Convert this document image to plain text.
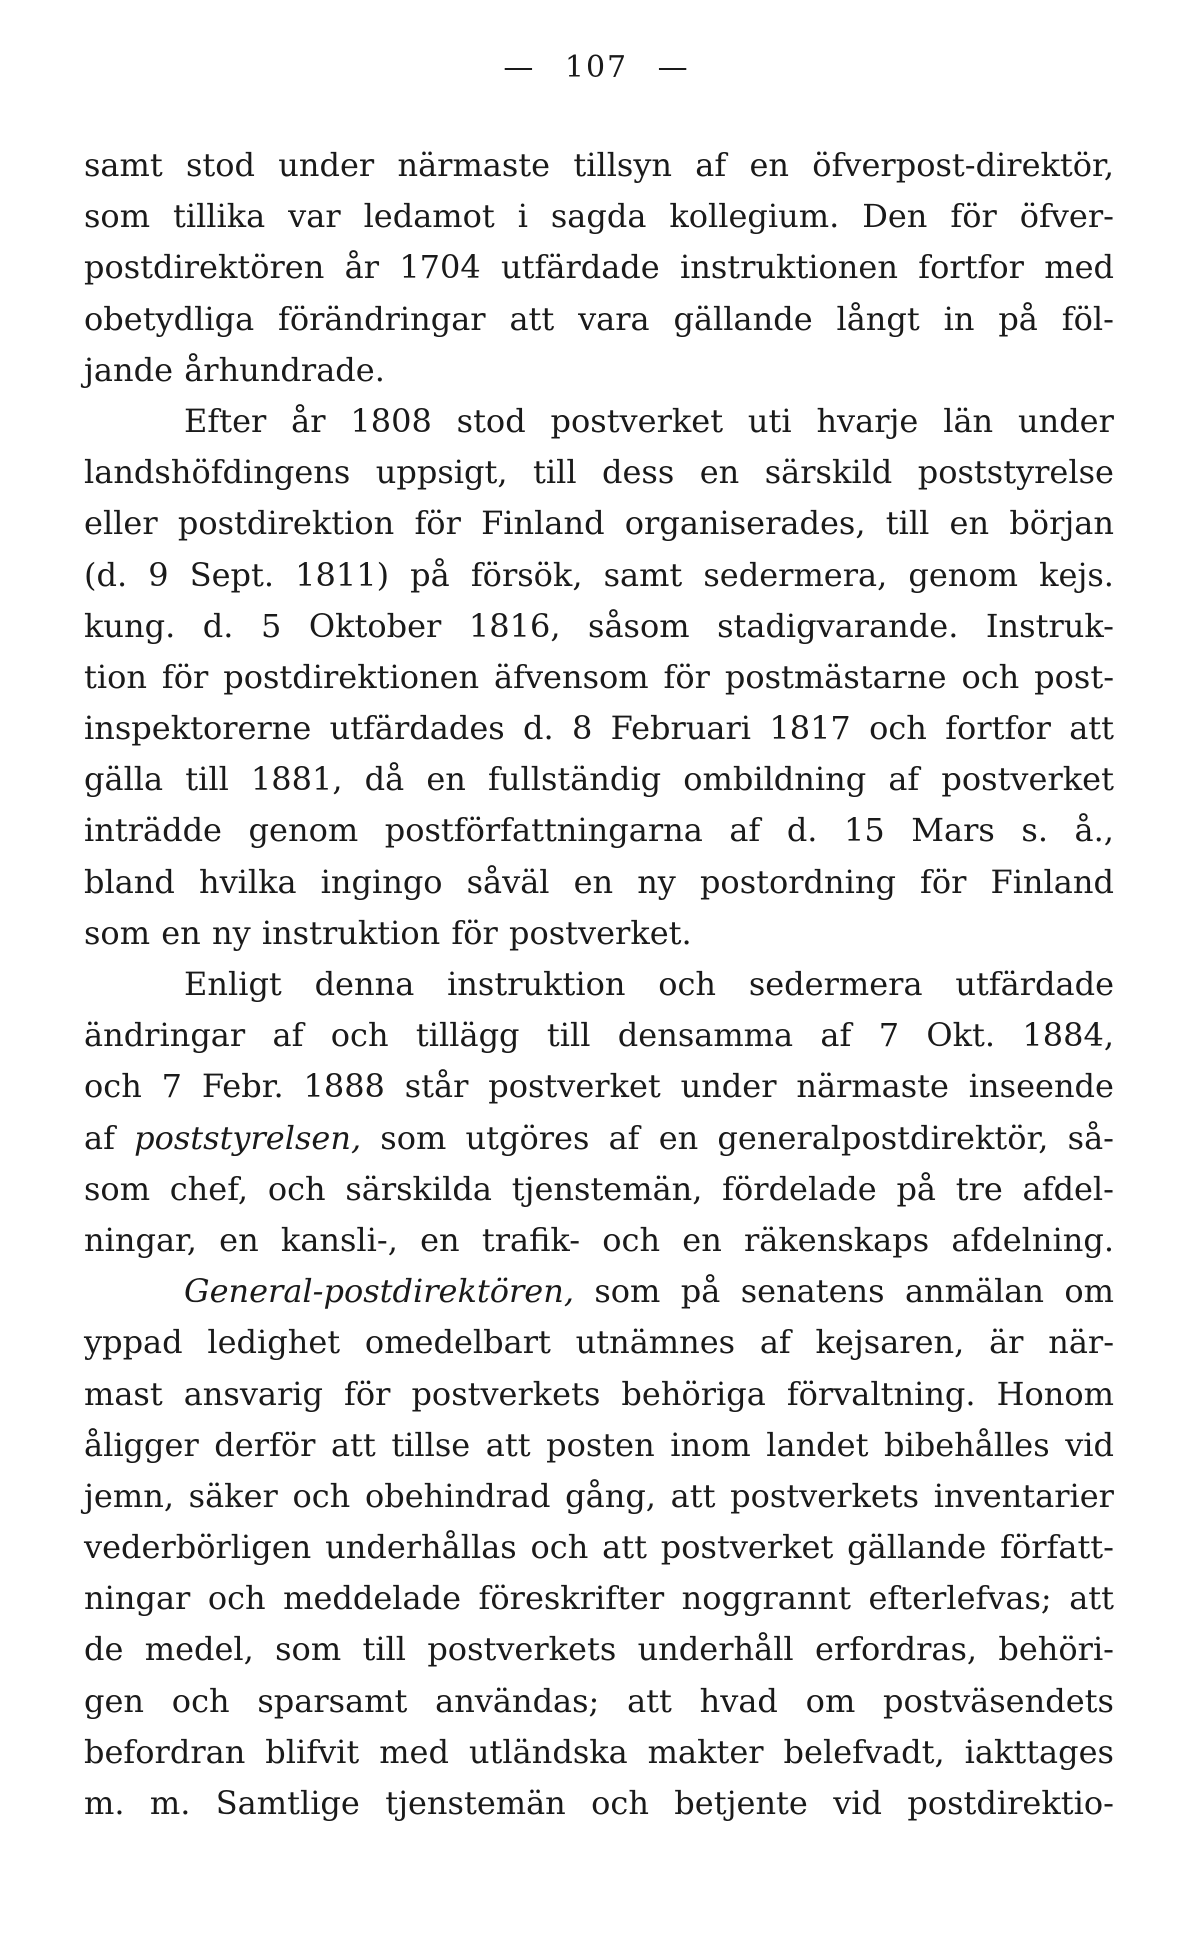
— 107 —
samt stod under närmaste tillsyn af en öfverpost-direktör,
som tillika var ledamot i sagda kollegium. Den för öfver-
postdirektören år 1704 utfärdade instruktionen fortfor med
obetydliga förändringar att vara gällande långt in på föl-
jande århundrade.
Efter år 1808 stod postverket uti hvarje län under
landshöfdingens uppsigt, till dess en särskild poststyrelse
eller postdirektion för Finland organiserades, till en början
(d. 9 Sept. 1811) på försök, samt sedermera, genom kejs.
kung. d. 5 Oktober 1816, såsom stadigvarande. Instruk-
tion för postdirektionen äfvensom för postmästarne och post-
inspektorerne utfärdades d. 8 Februari 1817 och fortfor att
gälla till 1881, då en fullständig ombildning af postverket
inträdde genom postförfattningarna af d. 15 Mars s. å.,
bland hvilka ingingo såväl en ny postordning för Finland
som en ny instruktion för postverket.
Enligt denna instruktion och sedermera utfärdade
ändringar af och tillägg till densamma af 7 Okt. 1884,
och 7 Febr. 1888 står postverket under närmaste inseende
af poststyrelsen, som utgöres af en generalpostdirektör, så-
som chef, och särskilda tjenstemän, fördelade på tre afdel-
ningar, en kansli-, en trafik- och en räkenskaps afdelning.
General-postdirektören, som på senatens anmälan om
yppad ledighet omedelbart utnämnes af kejsaren, är när-
mast ansvarig för postverkets behöriga förvaltning. Honom
åligger derför att tillse att posten inom landet bibehålles vid
jemn, säker och obehindrad gång, att postverkets inventarier
vederbörligen underhållas och att postverket gällande författ-
ningar och meddelade föreskrifter noggrannt efterlefvas; att
de medel, som till postverkets underhåll erfordras, behöri-
gen och sparsamt användas; att hvad om postväsendets
befordran blifvit med utländska makter belefvadt, iakttages
m. m. Samtlige tjenstemän och betjente vid postdirektio-
